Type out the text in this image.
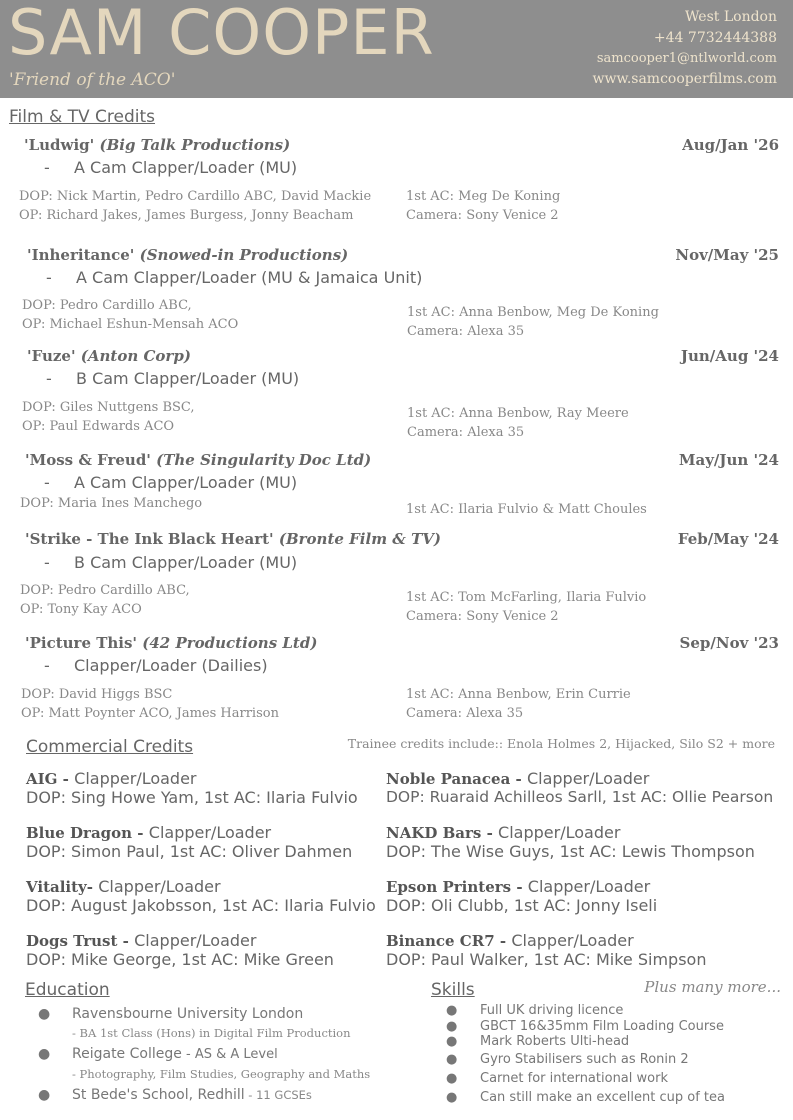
SAM COOPER
'Friend of the ACO'
West London
+44 7732444388
samcooper1@ntlworld.com
www.samcooperfilms.com
Film & TV Credits
'Ludwig' (Big Talk Productions)	Aug/Jan '26
- A Cam Clapper/Loader (MU)
DOP: Nick Martin, Pedro Cardillo ABC, David Mackie
OP: Richard Jakes, James Burgess, Jonny Beacham
1st AC: Meg De Koning
Camera: Sony Venice 2
'Inheritance' (Snowed-in Productions)	Nov/May '25
- A Cam Clapper/Loader (MU & Jamaica Unit)
DOP: Pedro Cardillo ABC,
OP: Michael Eshun-Mensah ACO
1st AC: Anna Benbow, Meg De Koning
Camera: Alexa 35
'Fuze' (Anton Corp)	Jun/Aug '24
- B Cam Clapper/Loader (MU)
DOP: Giles Nuttgens BSC,
OP: Paul Edwards ACO
1st AC: Anna Benbow, Ray Meere
Camera: Alexa 35
'Moss & Freud' (The Singularity Doc Ltd)	May/Jun '24
- A Cam Clapper/Loader (MU)
DOP: Maria Ines Manchego	1st AC: Ilaria Fulvio & Matt Choules
'Strike - The Ink Black Heart' (Bronte Film & TV)	Feb/May '24
- B Cam Clapper/Loader (MU)
DOP: Pedro Cardillo ABC,
OP: Tony Kay ACO
1st AC: Tom McFarling, Ilaria Fulvio
Camera: Sony Venice 2
'Picture This' (42 Productions Ltd)	Sep/Nov '23
- Clapper/Loader (Dailies)
DOP: David Higgs BSC
OP: Matt Poynter ACO, James Harrison
1st AC: Anna Benbow, Erin Currie
Camera: Alexa 35
Commercial Credits	Trainee credits include:: Enola Holmes 2, Hijacked, Silo S2 + more
AIG - Clapper/Loader
DOP: Sing Howe Yam, 1st AC: Ilaria Fulvio
Noble Panacea - Clapper/Loader
DOP: Ruaraid Achilleos Sarll, 1st AC: Ollie Pearson
Blue Dragon - Clapper/Loader
DOP: Simon Paul, 1st AC: Oliver Dahmen
NAKD Bars - Clapper/Loader
DOP: The Wise Guys, 1st AC: Lewis Thompson
Vitality- Clapper/Loader
DOP: August Jakobsson, 1st AC: Ilaria Fulvio
Epson Printers - Clapper/Loader
DOP: Oli Clubb, 1st AC: Jonny Iseli
Dogs Trust - Clapper/Loader
DOP: Mike George, 1st AC: Mike Green
Binance CR7 - Clapper/Loader
DOP: Paul Walker, 1st AC: Mike Simpson
Education
● Ravensbourne University London
- BA 1st Class (Hons) in Digital Film Production
● Reigate College - AS & A Level
- Photography, Film Studies, Geography and Maths
● St Bede's School, Redhill - 11 GCSEs
Skills	Plus many more...
● Full UK driving licence
● GBCT 16&35mm Film Loading Course
● Mark Roberts Ulti-head
● Gyro Stabilisers such as Ronin 2
● Carnet for international work
● Can still make an excellent cup of tea
